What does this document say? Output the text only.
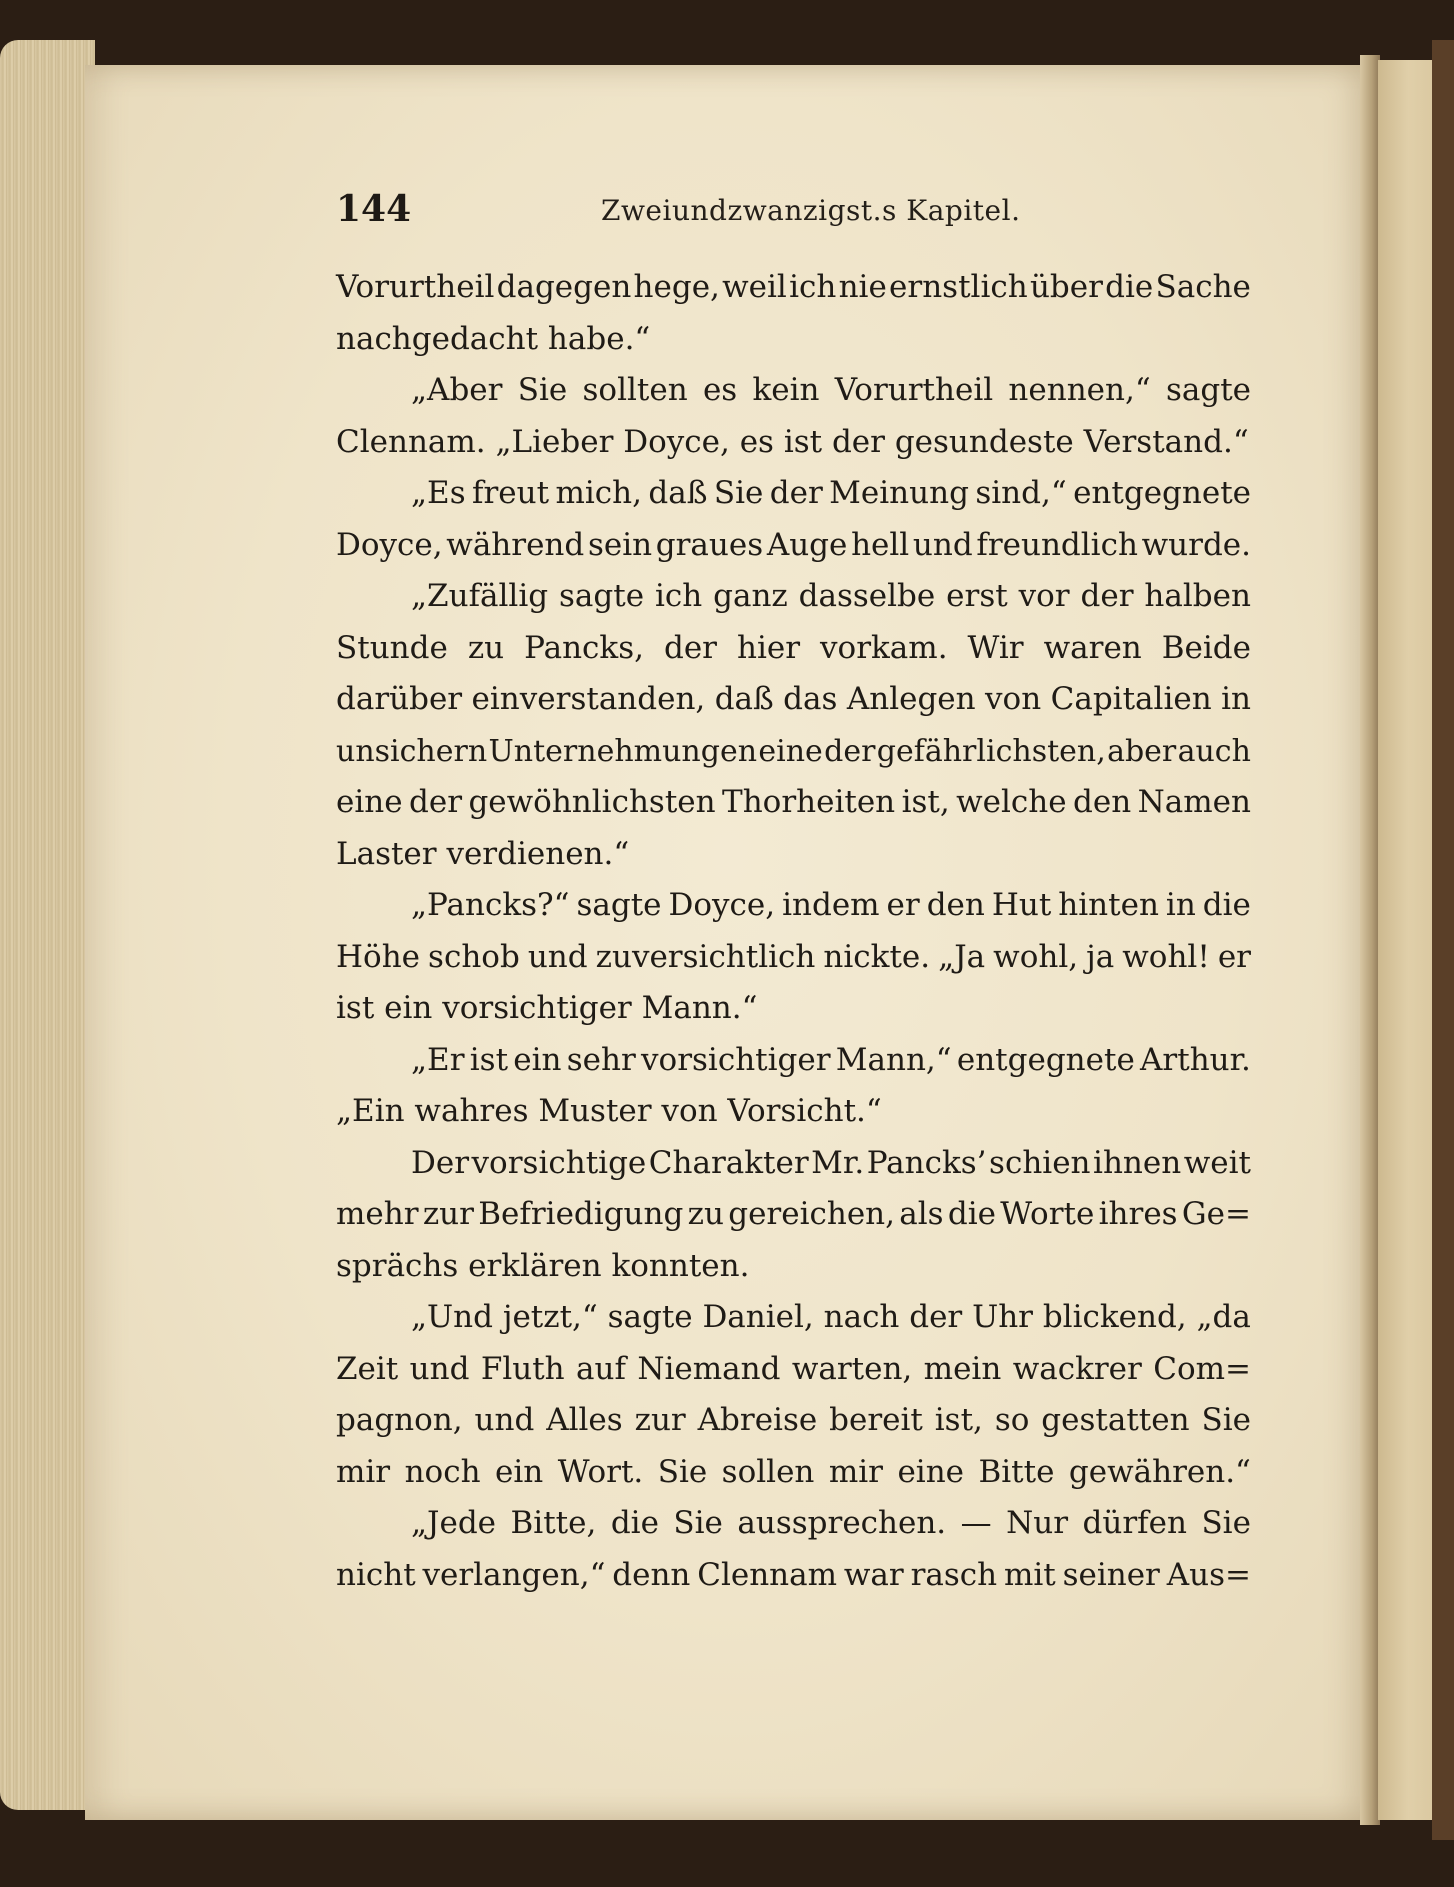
144	Zweiundzwanzigst.s Kapitel.
Vorurtheil dagegen hege, weil ich nie ernstlich über die Sache
nachgedacht habe.“
„Aber Sie sollten es kein Vorurtheil nennen,“ sagte
Clennam. „Lieber Doyce, es ist der gesundeste Verstand.“
„Es freut mich, daß Sie der Meinung sind,“ entgegnete
Doyce, während sein graues Auge hell und freundlich wurde.
„Zufällig sagte ich ganz dasselbe erst vor der halben
Stunde zu Pancks, der hier vorkam. Wir waren Beide
darüber einverstanden, daß das Anlegen von Capitalien in
unsichern Unternehmungen eine der gefährlichsten, aber auch
eine der gewöhnlichsten Thorheiten ist, welche den Namen
Laster verdienen.“
„Pancks?“ sagte Doyce, indem er den Hut hinten in die
Höhe schob und zuversichtlich nickte. „Ja wohl, ja wohl! er
ist ein vorsichtiger Mann.“
„Er ist ein sehr vorsichtiger Mann,“ entgegnete Arthur.
„Ein wahres Muster von Vorsicht.“
Der vorsichtige Charakter Mr. Pancks’ schien ihnen weit
mehr zur Befriedigung zu gereichen, als die Worte ihres Ge=
sprächs erklären konnten.
„Und jetzt,“ sagte Daniel, nach der Uhr blickend, „da
Zeit und Fluth auf Niemand warten, mein wackrer Com=
pagnon, und Alles zur Abreise bereit ist, so gestatten Sie
mir noch ein Wort. Sie sollen mir eine Bitte gewähren.“
„Jede Bitte, die Sie aussprechen. — Nur dürfen Sie
nicht verlangen,“ denn Clennam war rasch mit seiner Aus=
